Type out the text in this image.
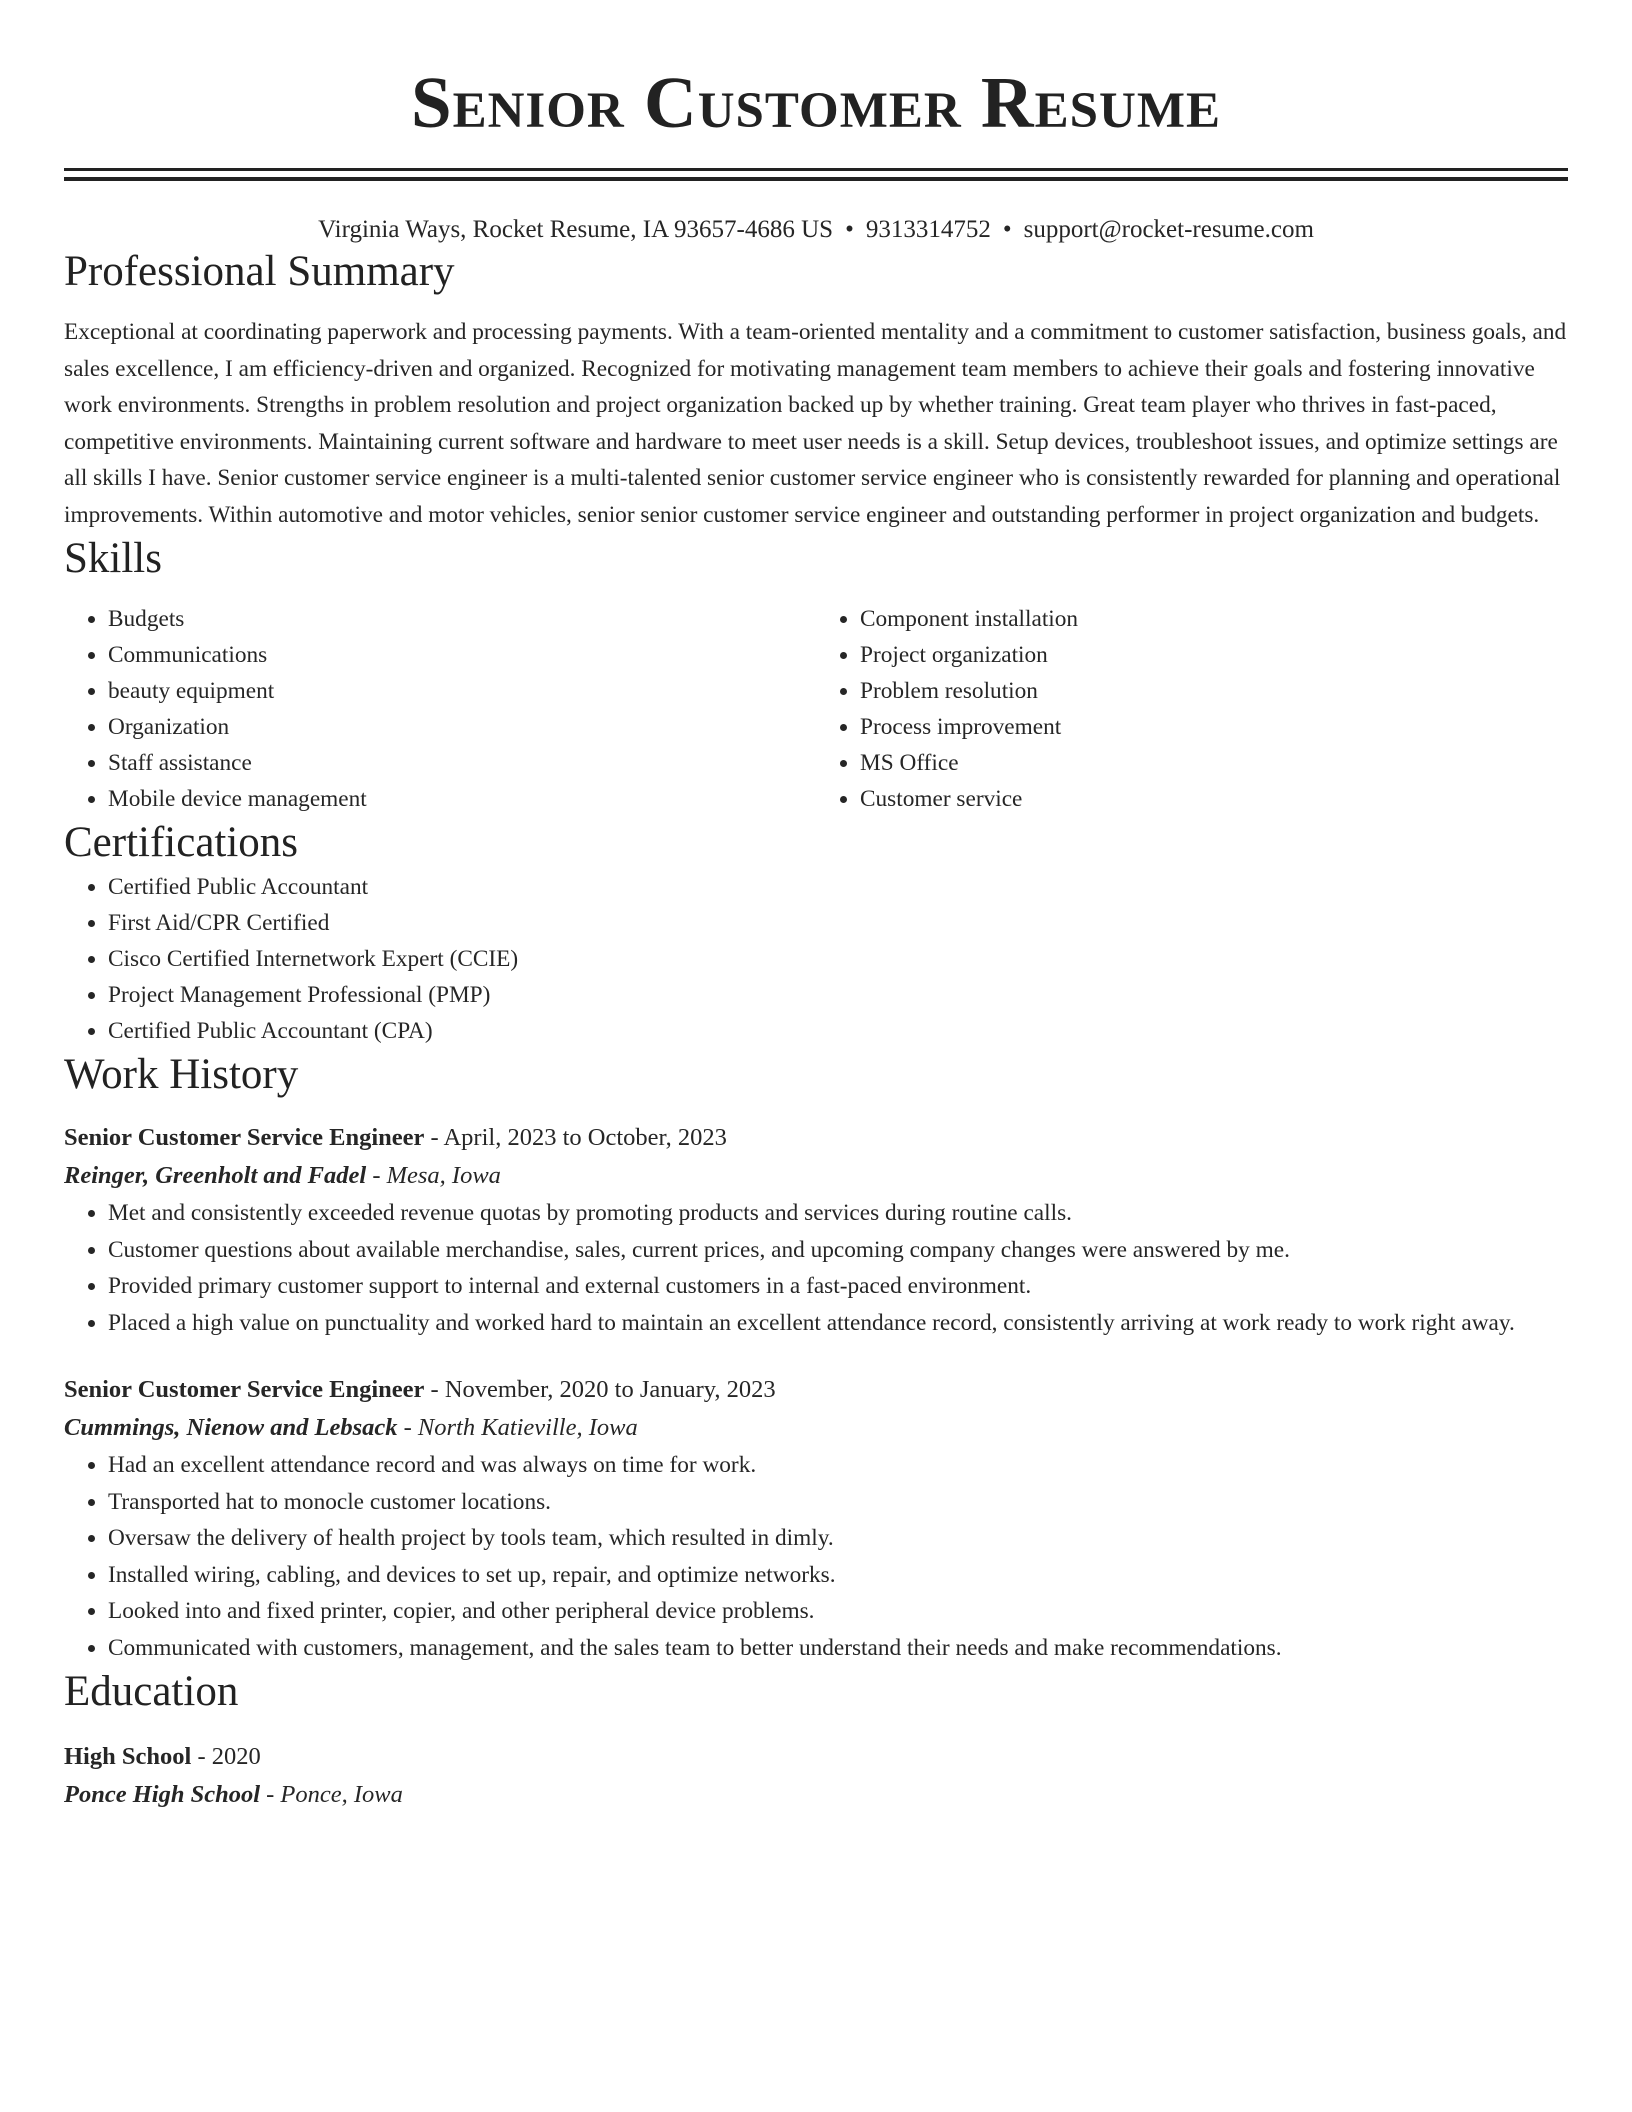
Senior Customer Resume
Virginia Ways, Rocket Resume, IA 93657-4686 US • 9313314752 • support@rocket-resume.com
Professional Summary
Exceptional at coordinating paperwork and processing payments. With a team-oriented mentality and a commitment to customer satisfaction, business goals, and sales excellence, I am efficiency-driven and organized. Recognized for motivating management team members to achieve their goals and fostering innovative work environments. Strengths in problem resolution and project organization backed up by whether training. Great team player who thrives in fast-paced, competitive environments. Maintaining current software and hardware to meet user needs is a skill. Setup devices, troubleshoot issues, and optimize settings are all skills I have. Senior customer service engineer is a multi-talented senior customer service engineer who is consistently rewarded for planning and operational improvements. Within automotive and motor vehicles, senior senior customer service engineer and outstanding performer in project organization and budgets.
Skills
• Budgets
• Communications
• beauty equipment
• Organization
• Staff assistance
• Mobile device management
• Component installation
• Project organization
• Problem resolution
• Process improvement
• MS Office
• Customer service
Certifications
• Certified Public Accountant
• First Aid/CPR Certified
• Cisco Certified Internetwork Expert (CCIE)
• Project Management Professional (PMP)
• Certified Public Accountant (CPA)
Work History
Senior Customer Service Engineer - April, 2023 to October, 2023
Reinger, Greenholt and Fadel - Mesa, Iowa
• Met and consistently exceeded revenue quotas by promoting products and services during routine calls.
• Customer questions about available merchandise, sales, current prices, and upcoming company changes were answered by me.
• Provided primary customer support to internal and external customers in a fast-paced environment.
• Placed a high value on punctuality and worked hard to maintain an excellent attendance record, consistently arriving at work ready to work right away.
Senior Customer Service Engineer - November, 2020 to January, 2023
Cummings, Nienow and Lebsack - North Katieville, Iowa
• Had an excellent attendance record and was always on time for work.
• Transported hat to monocle customer locations.
• Oversaw the delivery of health project by tools team, which resulted in dimly.
• Installed wiring, cabling, and devices to set up, repair, and optimize networks.
• Looked into and fixed printer, copier, and other peripheral device problems.
• Communicated with customers, management, and the sales team to better understand their needs and make recommendations.
Education
High School - 2020
Ponce High School - Ponce, Iowa
